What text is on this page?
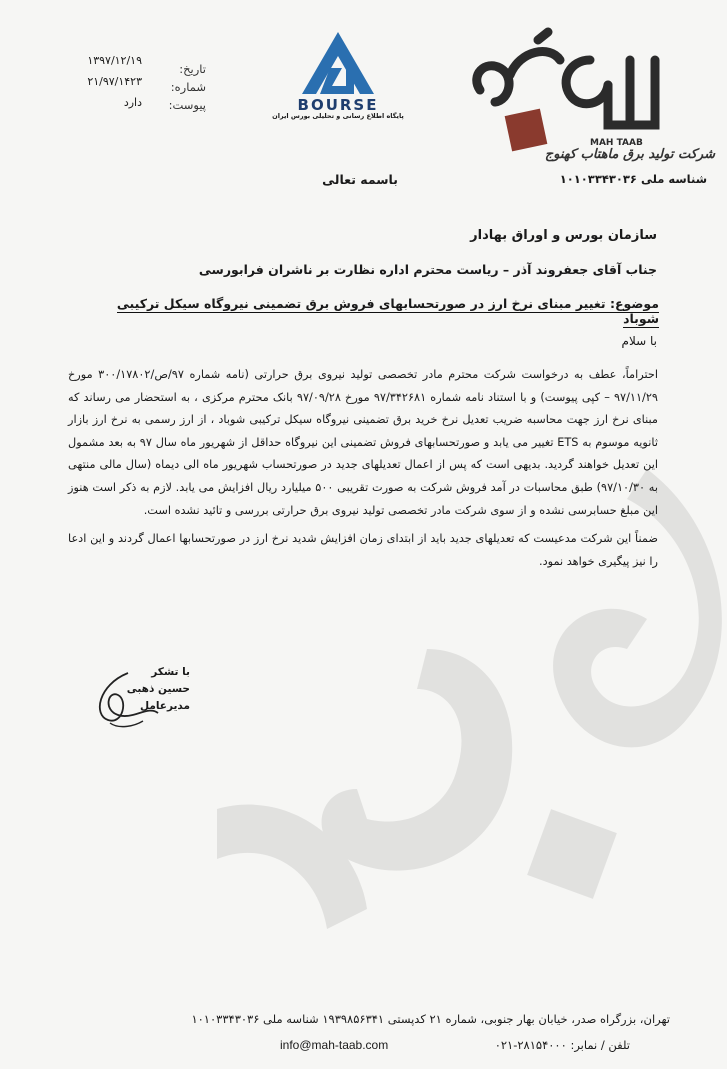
۱۳۹۷/۱۲/۱۹
۲۱/۹۷/۱۴۲۳
دارد
تاریخ:
شماره:
پیوست:	BOURSE
پایگاه اطلاع رسانی و تحلیلی بورس ایران
MAH TAAB
شرکت تولید برق ماهتاب کهنوج
شناسه ملی ۱۰۱۰۳۳۴۳۰۳۶
باسمه تعالی
سازمان بورس و اوراق بهادار
جناب آقای جعفروند آذر – ریاست محترم اداره نظارت بر ناشران فرابورسی
موضوع: تغییر مبنای نرخ ارز در صورتحسابهای فروش برق تضمینی نیروگاه سیکل ترکیبی شوباد
با سلام

احتراماً، عطف به درخواست شرکت محترم مادر تخصصی تولید نیروی برق حرارتی (نامه شماره ۹۷/ص/۳۰۰/۱۷۸۰۲ مورخ ۹۷/۱۱/۲۹ – کپی پیوست) و با استناد نامه شماره ۹۷/۳۴۲۶۸۱ مورخ ۹۷/۰۹/۲۸ بانک محترم مرکزی ، به استحضار می رساند که مبنای نرخ ارز جهت محاسبه ضریب تعدیل نرخ خرید برق تضمینی نیروگاه سیکل ترکیبی شوباد ، از ارز رسمی به نرخ ارز بازار ثانویه موسوم به ETS تغییر می یابد و صورتحسابهای فروش تضمینی این نیروگاه حداقل از شهریور ماه سال ۹۷ به بعد مشمول این تعدیل خواهند گردید. بدیهی است که پس از اعمال تعدیلهای جدید در صورتحساب شهریور ماه الی دیماه (سال مالی منتهی به ۹۷/۱۰/۳۰) طبق محاسبات در آمد فروش شرکت به صورت تقریبی ۵۰۰ میلیارد ریال افزایش می یابد. لازم به ذکر است هنوز این مبلغ حسابرسی نشده و از سوی شرکت مادر تخصصی تولید نیروی برق حرارتی بررسی و تائید نشده است.

ضمناً این شرکت مدعیست که تعدیلهای جدید باید از ابتدای زمان افزایش شدید نرخ ارز در صورتحسابها اعمال گردند و این ادعا را نیز پیگیری خواهد نمود.

با تشکر
حسین ذهبی
مدیرعامل
تهران، بزرگراه صدر، خیابان بهار جنوبی، شماره ۲۱ کدپستی ۱۹۳۹۸۵۶۳۴۱ شناسه ملی ۱۰۱۰۳۳۴۳۰۳۶
info@mah-taab.com	تلفن / نمابر: ۲۸۱۵۴۰۰۰-۰۲۱
